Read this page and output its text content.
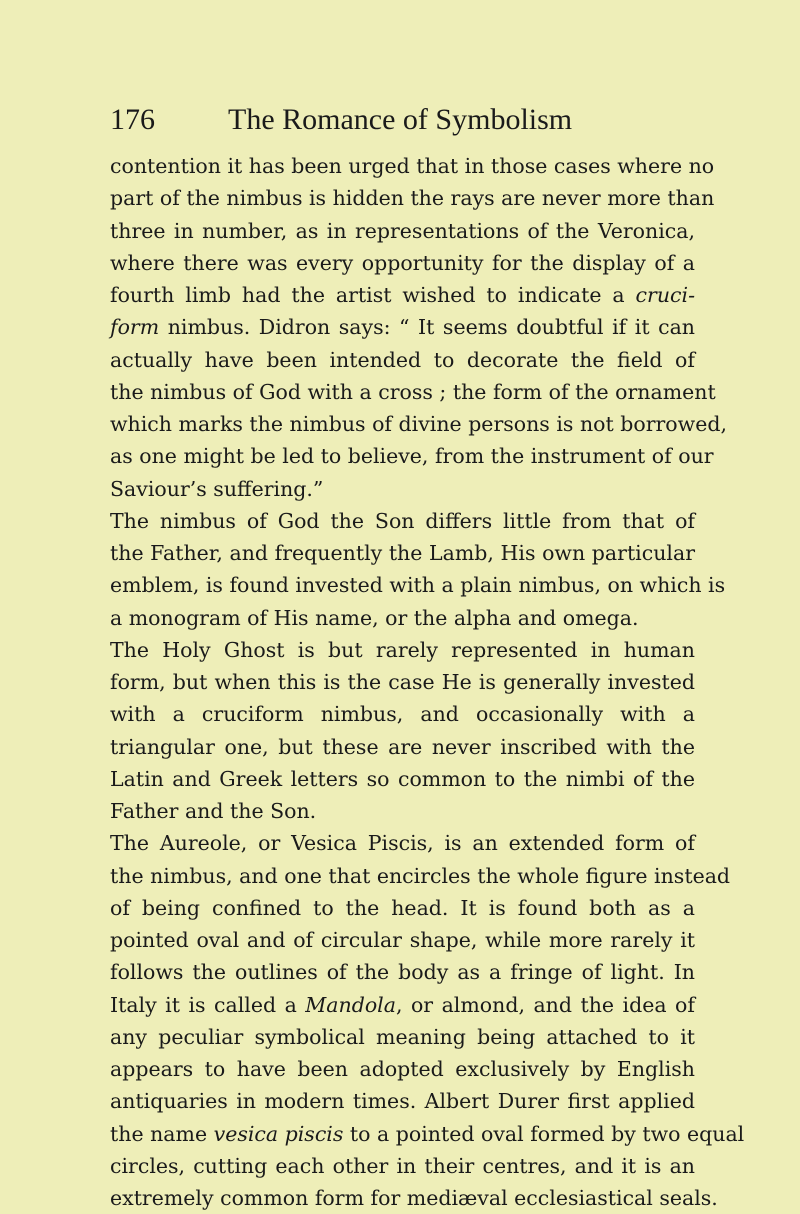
176 The Romance of Symbolism
contention it has been urged that in those cases where no
part of the nimbus is hidden the rays are never more than
three in number, as in representations of the Veronica,
where there was every opportunity for the display of a
fourth limb had the artist wished to indicate a cruci-
form nimbus. Didron says: “ It seems doubtful if it can
actually have been intended to decorate the field of
the nimbus of God with a cross ; the form of the ornament
which marks the nimbus of divine persons is not borrowed,
as one might be led to believe, from the instrument of our
Saviour’s suffering.”
The nimbus of God the Son differs little from that of
the Father, and frequently the Lamb, His own particular
emblem, is found invested with a plain nimbus, on which is
a monogram of His name, or the alpha and omega.
The Holy Ghost is but rarely represented in human
form, but when this is the case He is generally invested
with a cruciform nimbus, and occasionally with a
triangular one, but these are never inscribed with the
Latin and Greek letters so common to the nimbi of the
Father and the Son.
The Aureole, or Vesica Piscis, is an extended form of
the nimbus, and one that encircles the whole figure instead
of being confined to the head. It is found both as a
pointed oval and of circular shape, while more rarely it
follows the outlines of the body as a fringe of light. In
Italy it is called a Mandola, or almond, and the idea of
any peculiar symbolical meaning being attached to it
appears to have been adopted exclusively by English
antiquaries in modern times. Albert Durer first applied
the name vesica piscis to a pointed oval formed by two equal
circles, cutting each other in their centres, and it is an
extremely common form for mediæval ecclesiastical seals.
